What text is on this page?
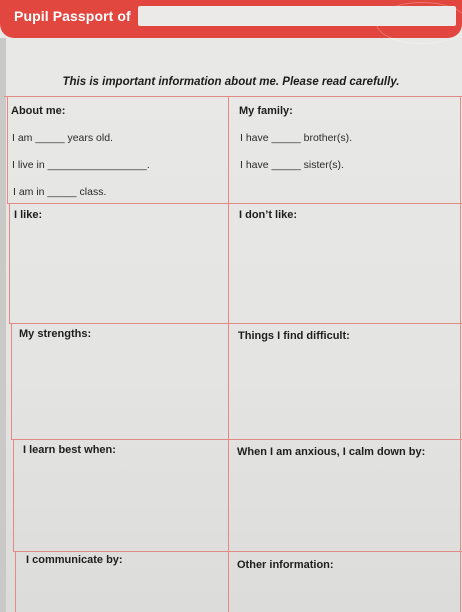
Pupil Passport of
This is important information about me. Please read carefully.
About me:
I am _____ years old.
I live in _________________.
I am in _____ class.
My family:
I have _____ brother(s).
I have _____ sister(s).
I like:	I don’t like:
My strengths:	Things I find difficult:
I learn best when:	When I am anxious, I calm down by:
I communicate by:	Other information:
